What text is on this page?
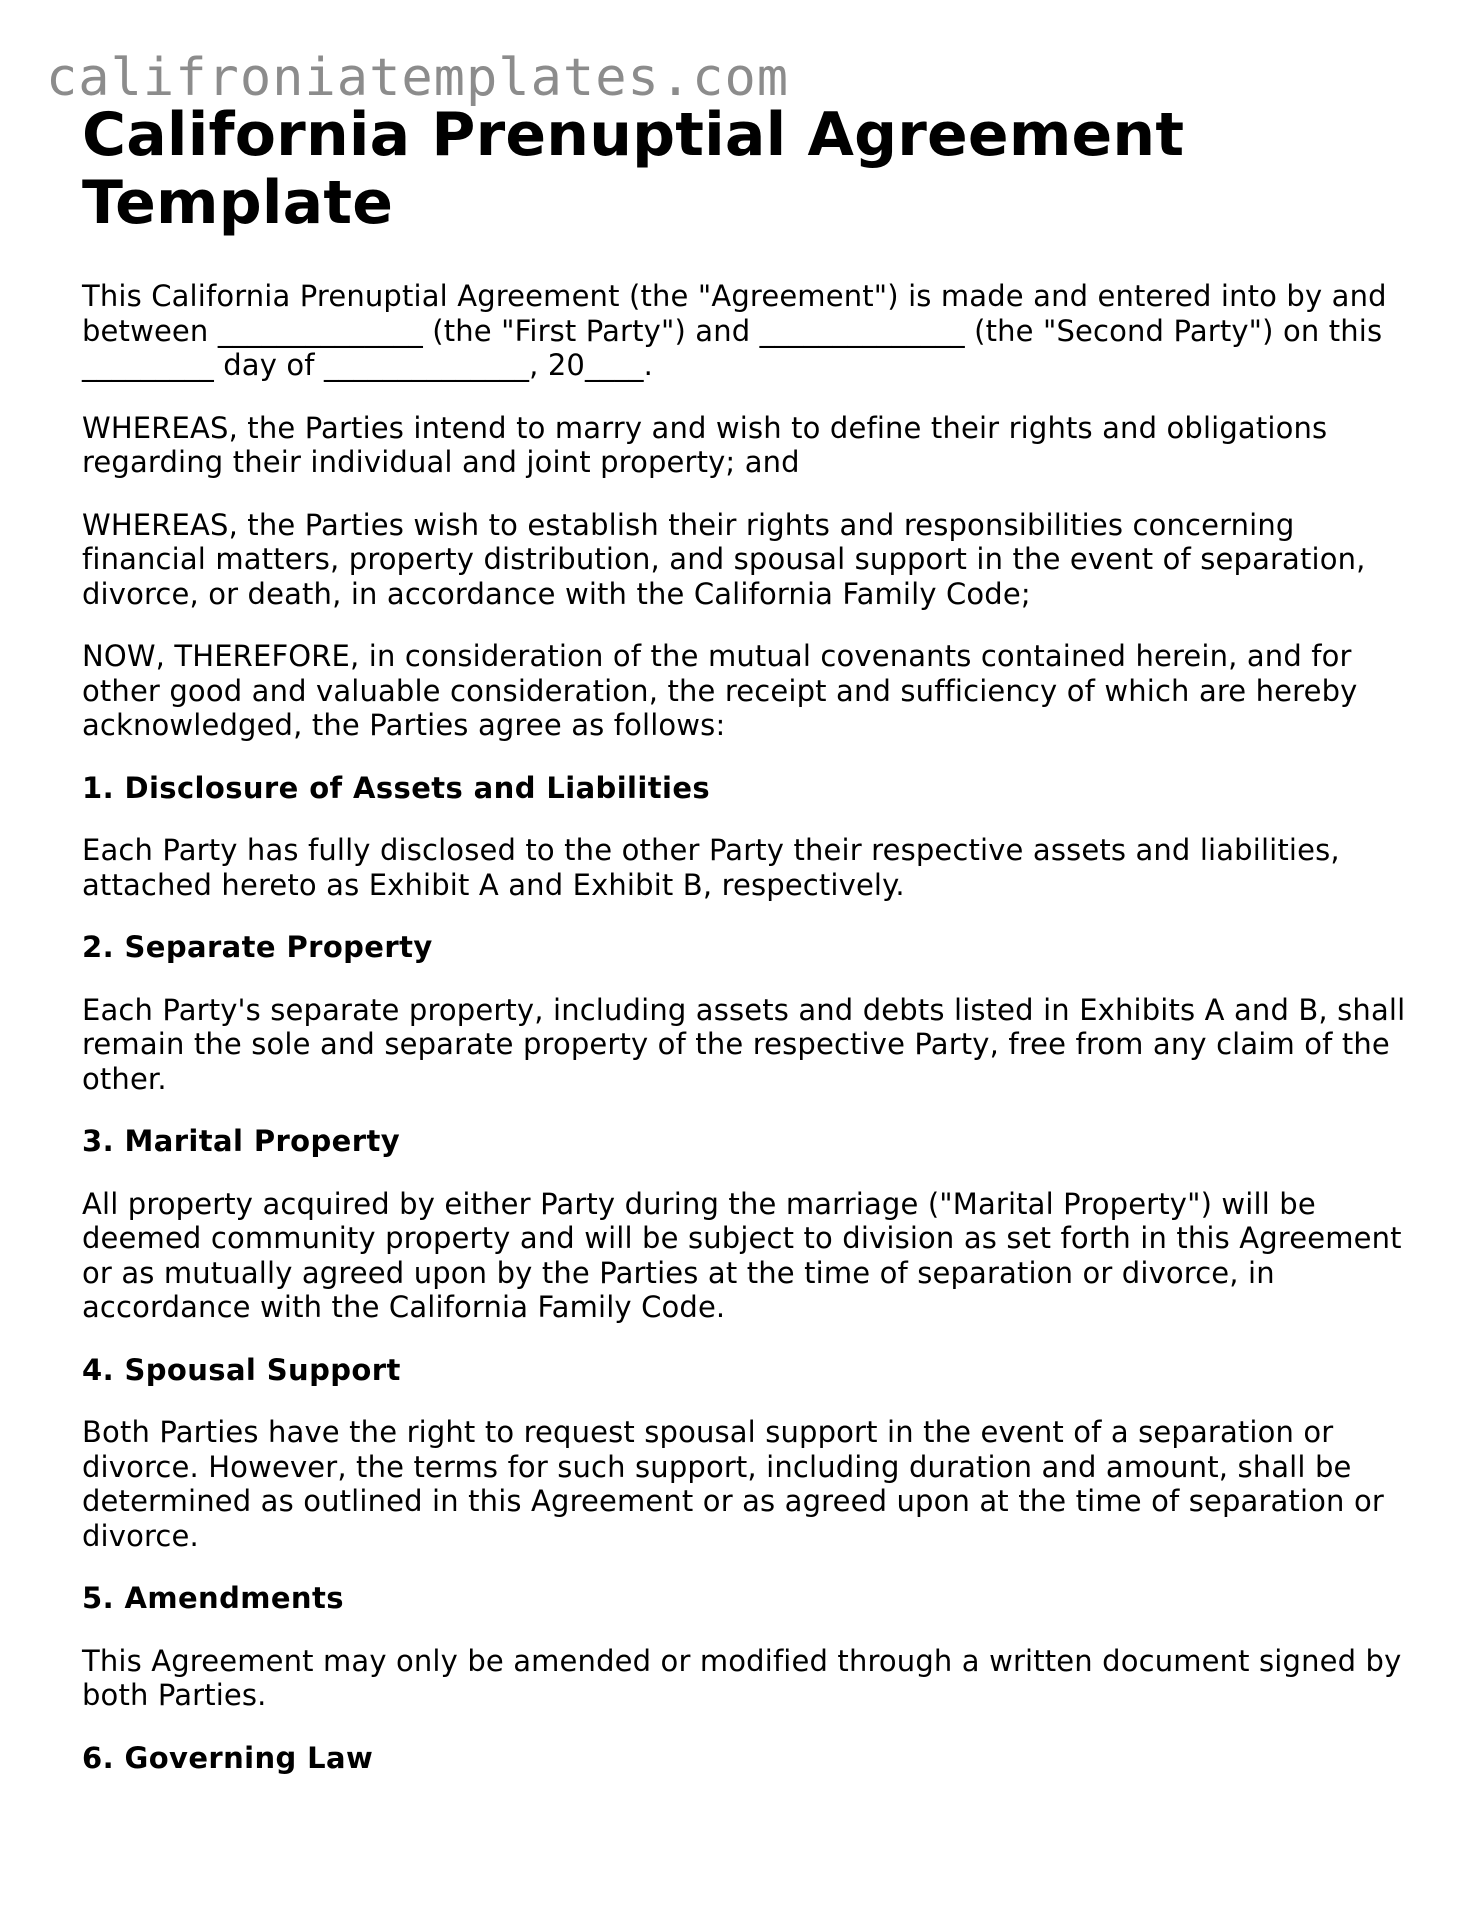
califroniatemplates.com

California Prenuptial Agreement Template

This California Prenuptial Agreement (the "Agreement") is made and entered into by and between ______________ (the "First Party") and ______________ (the "Second Party") on this _________ day of ______________, 20____.

WHEREAS, the Parties intend to marry and wish to define their rights and obligations regarding their individual and joint property; and

WHEREAS, the Parties wish to establish their rights and responsibilities concerning financial matters, property distribution, and spousal support in the event of separation, divorce, or death, in accordance with the California Family Code;

NOW, THEREFORE, in consideration of the mutual covenants contained herein, and for other good and valuable consideration, the receipt and sufficiency of which are hereby acknowledged, the Parties agree as follows:

1. Disclosure of Assets and Liabilities

Each Party has fully disclosed to the other Party their respective assets and liabilities, attached hereto as Exhibit A and Exhibit B, respectively.

2. Separate Property

Each Party's separate property, including assets and debts listed in Exhibits A and B, shall remain the sole and separate property of the respective Party, free from any claim of the other.

3. Marital Property

All property acquired by either Party during the marriage ("Marital Property") will be deemed community property and will be subject to division as set forth in this Agreement or as mutually agreed upon by the Parties at the time of separation or divorce, in accordance with the California Family Code.

4. Spousal Support

Both Parties have the right to request spousal support in the event of a separation or divorce. However, the terms for such support, including duration and amount, shall be determined as outlined in this Agreement or as agreed upon at the time of separation or divorce.

5. Amendments

This Agreement may only be amended or modified through a written document signed by both Parties.

6. Governing Law
